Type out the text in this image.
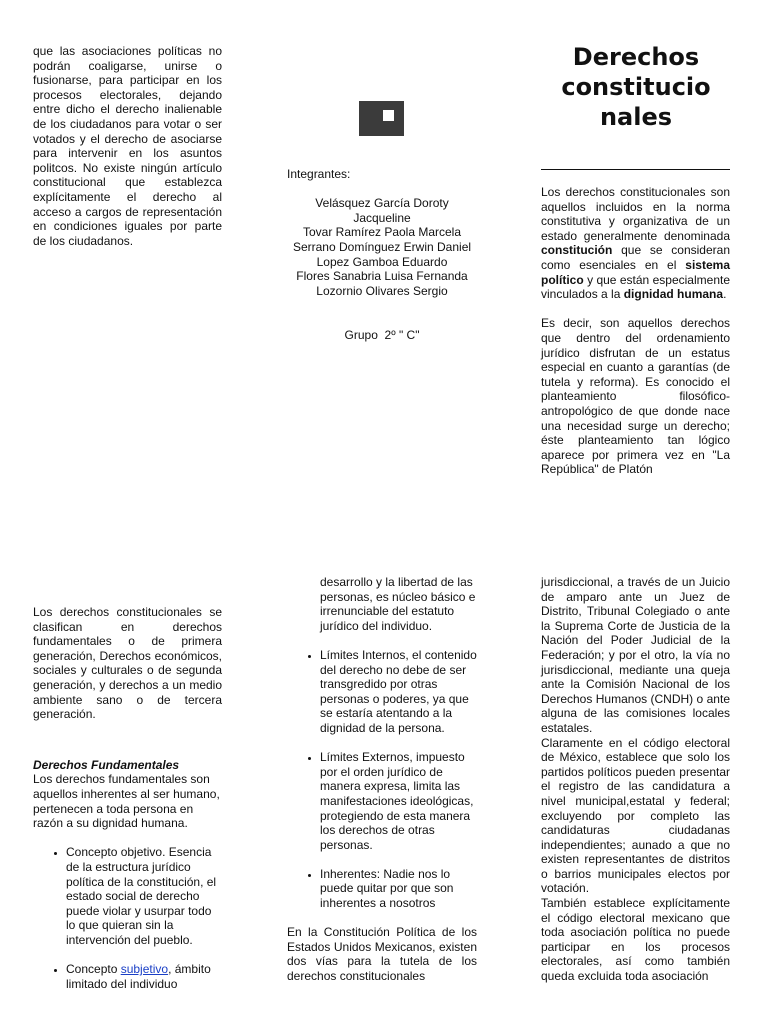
que las asociaciones políticas no podrán coaligarse, unirse o fusionarse, para participar en los procesos electorales, dejando entre dicho el derecho inalienable de los ciudadanos para votar o ser votados y el derecho de asociarse para intervenir en los asuntos politcos. No existe ningún artículo constitucional que establezca explícitamente el derecho al acceso a cargos de representación en condiciones iguales por parte de los ciudadanos.

Integrantes:

Velásquez García Doroty Jacqueline

Tovar Ramírez Paola Marcela

Serrano Domínguez Erwin Daniel

Lopez Gamboa Eduardo

Flores Sanabria Luisa Fernanda

Lozornio Olivares Sergio

Grupo  2º " C"

Derechos
constitucio
nales

Los derechos constitucionales son aquellos incluidos en la norma constitutiva y organizativa de un estado generalmente denominada constitución que se consideran como esenciales en el sistema político y que están especialmente vinculados a la dignidad humana.

Es decir, son aquellos derechos que dentro del ordenamiento jurídico disfrutan de un estatus especial en cuanto a garantías (de tutela y reforma). Es conocido el planteamiento filosófico-antropológico de que donde nace una necesidad surge un derecho; éste planteamiento tan lógico aparece por primera vez en "La República" de Platón

Los derechos constitucionales se clasifican en derechos fundamentales o de primera generación, Derechos económicos, sociales y culturales o de segunda generación, y derechos a un medio ambiente sano o de tercera generación.

Derechos Fundamentales

Los derechos fundamentales son aquellos inherentes al ser humano, pertenecen a toda persona en razón a su dignidad humana.

• Concepto objetivo. Esencia de la estructura jurídico política de la constitución, el estado social de derecho puede violar y usurpar todo lo que quieran sin la intervención del pueblo.
• Concepto subjetivo, ámbito limitado del individuo

desarrollo y la libertad de las personas, es núcleo básico e irrenunciable del estatuto jurídico del individuo.

• Límites Internos, el contenido del derecho no debe de ser transgredido por otras personas o poderes, ya que se estaría atentando a la dignidad de la persona.
• Límites Externos, impuesto por el orden jurídico de manera expresa, limita las manifestaciones ideológicas, protegiendo de esta manera los derechos de otras personas.
• Inherentes: Nadie nos lo puede quitar por que son inherentes a nosotros

En la Constitución Política de los Estados Unidos Mexicanos, existen dos vías para la tutela de los derechos constitucionales

jurisdiccional, a través de un Juicio de amparo ante un Juez de Distrito, Tribunal Colegiado o ante la Suprema Corte de Justicia de la Nación del Poder Judicial de la Federación; y por el otro, la vía no jurisdiccional, mediante una queja ante la Comisión Nacional de los Derechos Humanos (CNDH) o ante alguna de las comisiones locales estatales.

Claramente en el código electoral de México, establece que solo los partidos políticos pueden presentar el registro de las candidatura a nivel municipal,estatal y federal; excluyendo por completo las candidaturas ciudadanas independientes; aunado a que no existen representantes de distritos o barrios municipales electos por votación.

También establece explícitamente el código electoral mexicano que toda asociación política no puede participar en los procesos electorales, así como también queda excluida toda asociación
